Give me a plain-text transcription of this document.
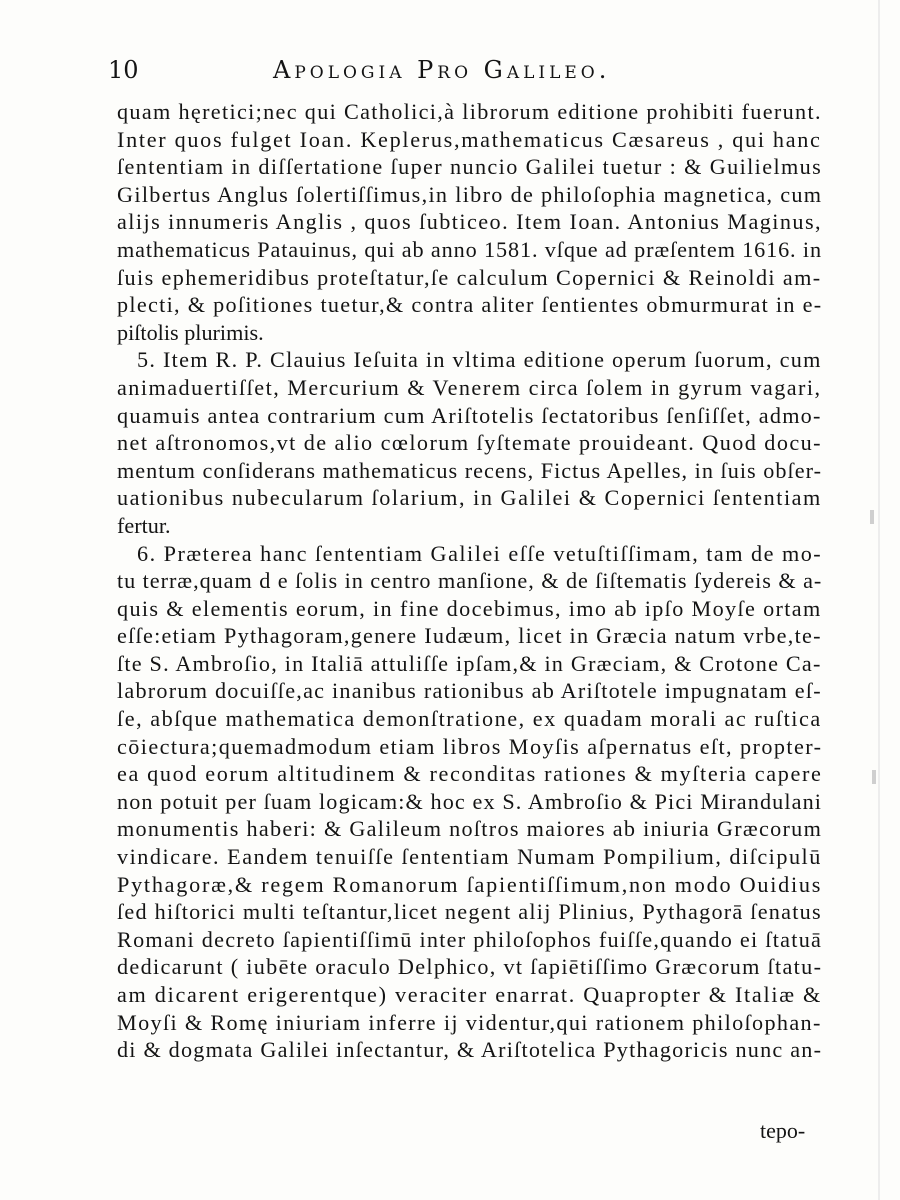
10	Apologia Pro Galileo.
quam hęretici;nec qui Catholici,à librorum editione prohibiti fuerunt.
Inter quos fulget Ioan. Keplerus,mathematicus Cæsareus , qui hanc
ſententiam in diſſertatione ſuper nuncio Galilei tuetur : & Guilielmus
Gilbertus Anglus ſolertiſſimus,in libro de philoſophia magnetica, cum
alijs innumeris Anglis , quos ſubticeo. Item Ioan. Antonius Maginus,
mathematicus Patauinus, qui ab anno 1581. vſque ad præſentem 1616. in
ſuis ephemeridibus proteſtatur,ſe calculum Copernici & Reinoldi am-
plecti, & poſitiones tuetur,& contra aliter ſentientes obmurmurat in e-
piſtolis plurimis.
5. Item R. P. Clauius Ieſuita in vltima editione operum ſuorum, cum
animaduertiſſet, Mercurium & Venerem circa ſolem in gyrum vagari,
quamuis antea contrarium cum Ariſtotelis ſectatoribus ſenſiſſet, admo-
net aſtronomos,vt de alio cœlorum ſyſtemate prouideant. Quod docu-
mentum conſiderans mathematicus recens, Fictus Apelles, in ſuis obſer-
uationibus nubecularum ſolarium, in Galilei & Copernici ſententiam
fertur.
6. Præterea hanc ſententiam Galilei eſſe vetuſtiſſimam, tam de mo-
tu terræ,quam d e ſolis in centro manſione, & de ſiſtematis ſydereis & a-
quis & elementis eorum, in fine docebimus, imo ab ipſo Moyſe ortam
eſſe:etiam Pythagoram,genere Iudæum, licet in Græcia natum vrbe,te-
ſte S. Ambroſio, in Italiā attuliſſe ipſam,& in Græciam, & Crotone Ca-
labrorum docuiſſe,ac inanibus rationibus ab Ariſtotele impugnatam eſ-
ſe, abſque mathematica demonſtratione, ex quadam morali ac ruſtica
cōiectura;quemadmodum etiam libros Moyſis aſpernatus eſt, propter-
ea quod eorum altitudinem & reconditas rationes & myſteria capere
non potuit per ſuam logicam:& hoc ex S. Ambroſio & Pici Mirandulani
monumentis haberi: & Galileum noſtros maiores ab iniuria Græcorum
vindicare. Eandem tenuiſſe ſententiam Numam Pompilium, diſcipulū
Pythagoræ,& regem Romanorum ſapientiſſimum,non modo Ouidius
ſed hiſtorici multi teſtantur,licet negent alij Plinius, Pythagorā ſenatus
Romani decreto ſapientiſſimū inter philoſophos fuiſſe,quando ei ſtatuā
dedicarunt ( iubēte oraculo Delphico, vt ſapiētiſſimo Græcorum ſtatu-
am dicarent erigerentque) veraciter enarrat. Quapropter & Italiæ &
Moyſi & Romę iniuriam inferre ij videntur,qui rationem philoſophan-
di & dogmata Galilei inſectantur, & Ariſtotelica Pythagoricis nunc an-
tepo-
